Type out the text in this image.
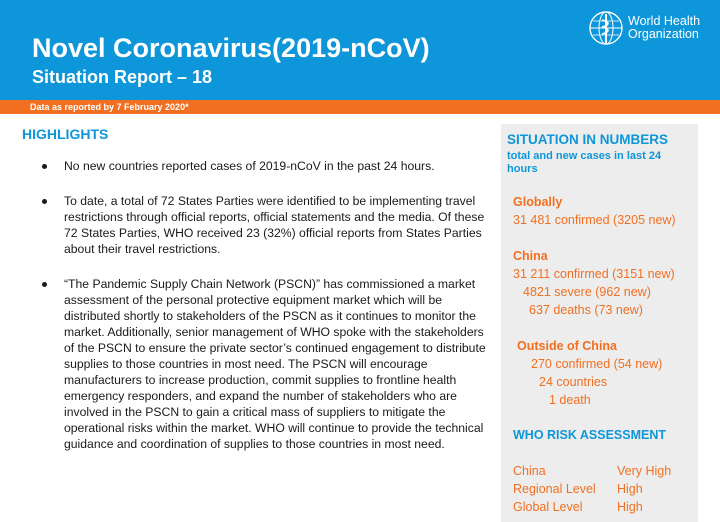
Novel Coronavirus(2019-nCoV)
Situation Report – 18
World Health
Organization
Data as reported by 7 February 2020*
HIGHLIGHTS
No new countries reported cases of 2019-nCoV in the past 24 hours.
To date, a total of 72 States Parties were identified to be implementing travel restrictions through official reports, official statements and the media. Of these 72 States Parties, WHO received 23 (32%) official reports from States Parties about their travel restrictions.
“The Pandemic Supply Chain Network (PSCN)” has commissioned a market assessment of the personal protective equipment market which will be distributed shortly to stakeholders of the PSCN as it continues to monitor the market. Additionally, senior management of WHO spoke with the stakeholders of the PSCN to ensure the private sector’s continued engagement to distribute supplies to those countries in most need. The PSCN will encourage manufacturers to increase production, commit supplies to frontline health emergency responders, and expand the number of stakeholders who are involved in the PSCN to gain a critical mass of suppliers to mitigate the operational risks within the market. WHO will continue to provide the technical guidance and coordination of supplies to those countries in most need.
SITUATION IN NUMBERS
total and new cases in last 24 hours
Globally
31 481 confirmed (3205 new)
China
31 211 confirmed (3151 new)
4821 severe (962 new)
637 deaths (73 new)
Outside of China
270 confirmed (54 new)
24 countries
1 death
WHO RISK ASSESSMENT
China	Very High
Regional Level High
Global Level	High
